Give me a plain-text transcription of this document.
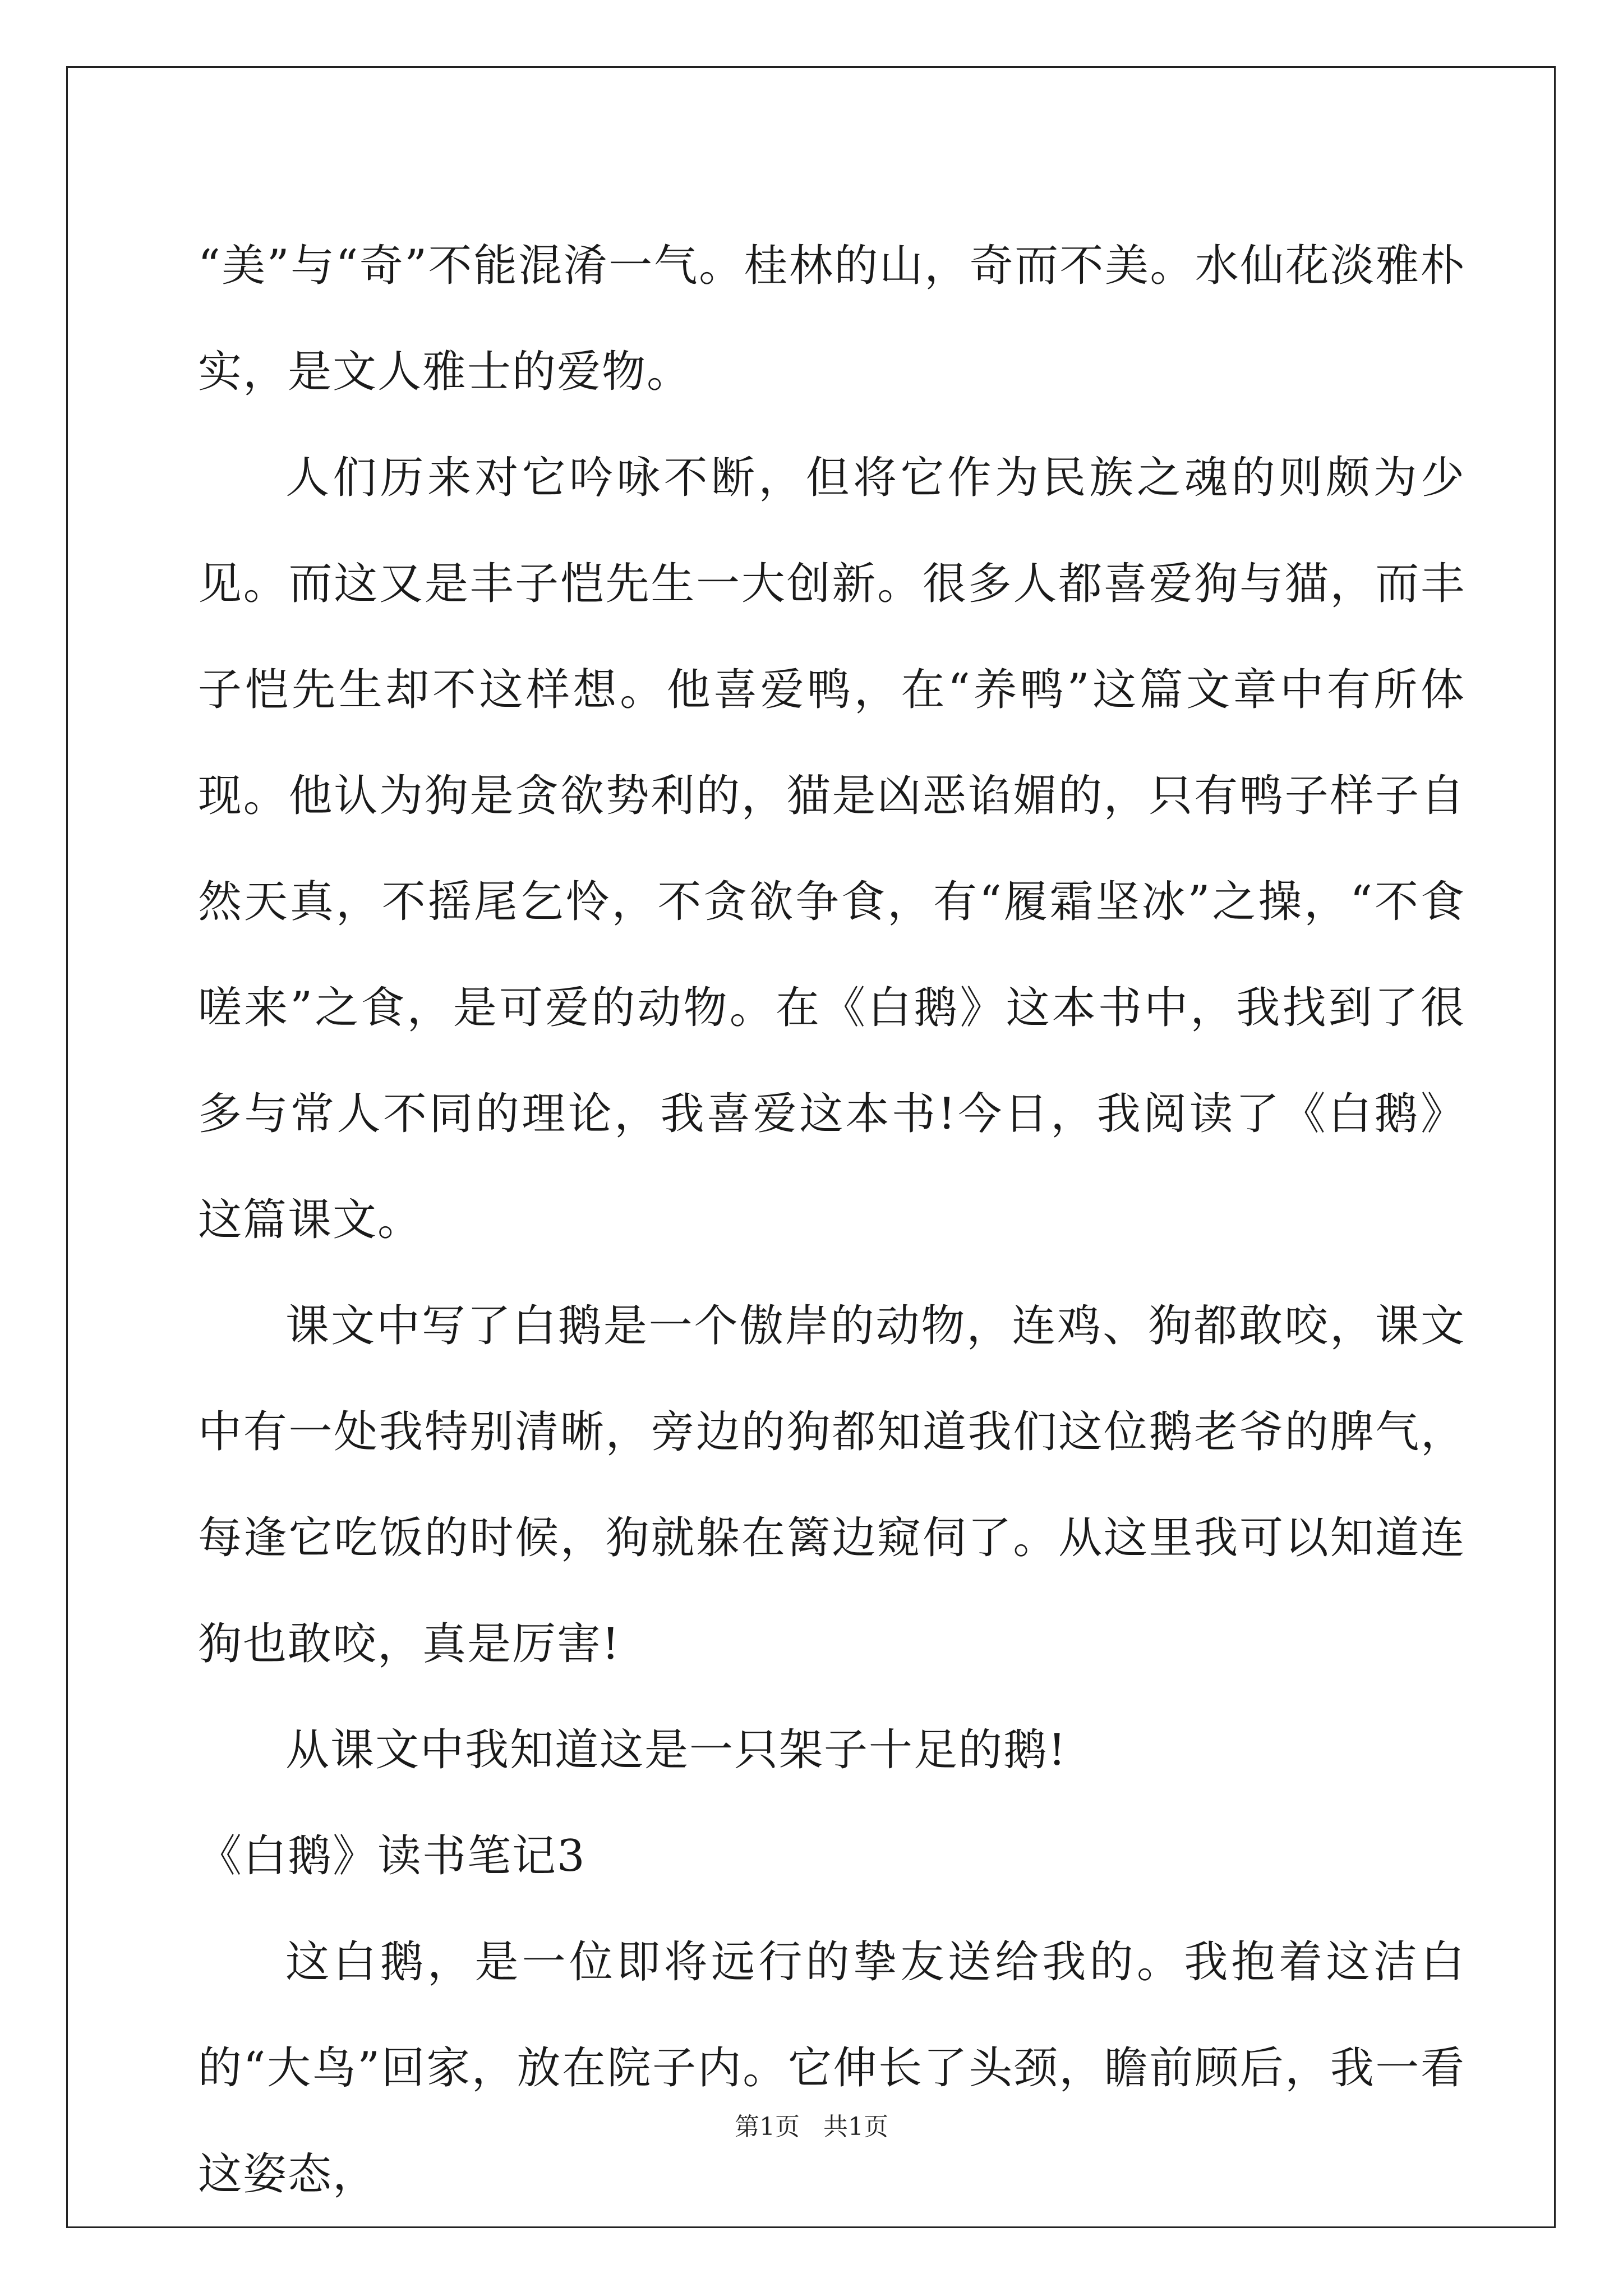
“美”与“奇”不能混淆一气。桂林的山，奇而不美。水仙花淡雅朴实，是文人雅士的爱物。

人们历来对它吟咏不断，但将它作为民族之魂的则颇为少见。而这又是丰子恺先生一大创新。很多人都喜爱狗与猫，而丰子恺先生却不这样想。他喜爱鸭，在“养鸭”这篇文章中有所体现。他认为狗是贪欲势利的，猫是凶恶谄媚的，只有鸭子样子自然天真，不摇尾乞怜，不贪欲争食，有“履霜坚冰”之操，“不食嗟来”之食，是可爱的动物。在《白鹅》这本书中，我找到了很多与常人不同的理论，我喜爱这本书!今日，我阅读了《白鹅》这篇课文。

课文中写了白鹅是一个傲岸的动物，连鸡、狗都敢咬，课文中有一处我特别清晰，旁边的狗都知道我们这位鹅老爷的脾气，每逢它吃饭的时候，狗就躲在篱边窥伺了。从这里我可以知道连狗也敢咬，真是厉害!

从课文中我知道这是一只架子十足的鹅!

《白鹅》读书笔记3

这白鹅，是一位即将远行的挚友送给我的。我抱着这洁白的“大鸟”回家，放在院子内。它伸长了头颈，瞻前顾后，我一看这姿态，

第1页 共1页
